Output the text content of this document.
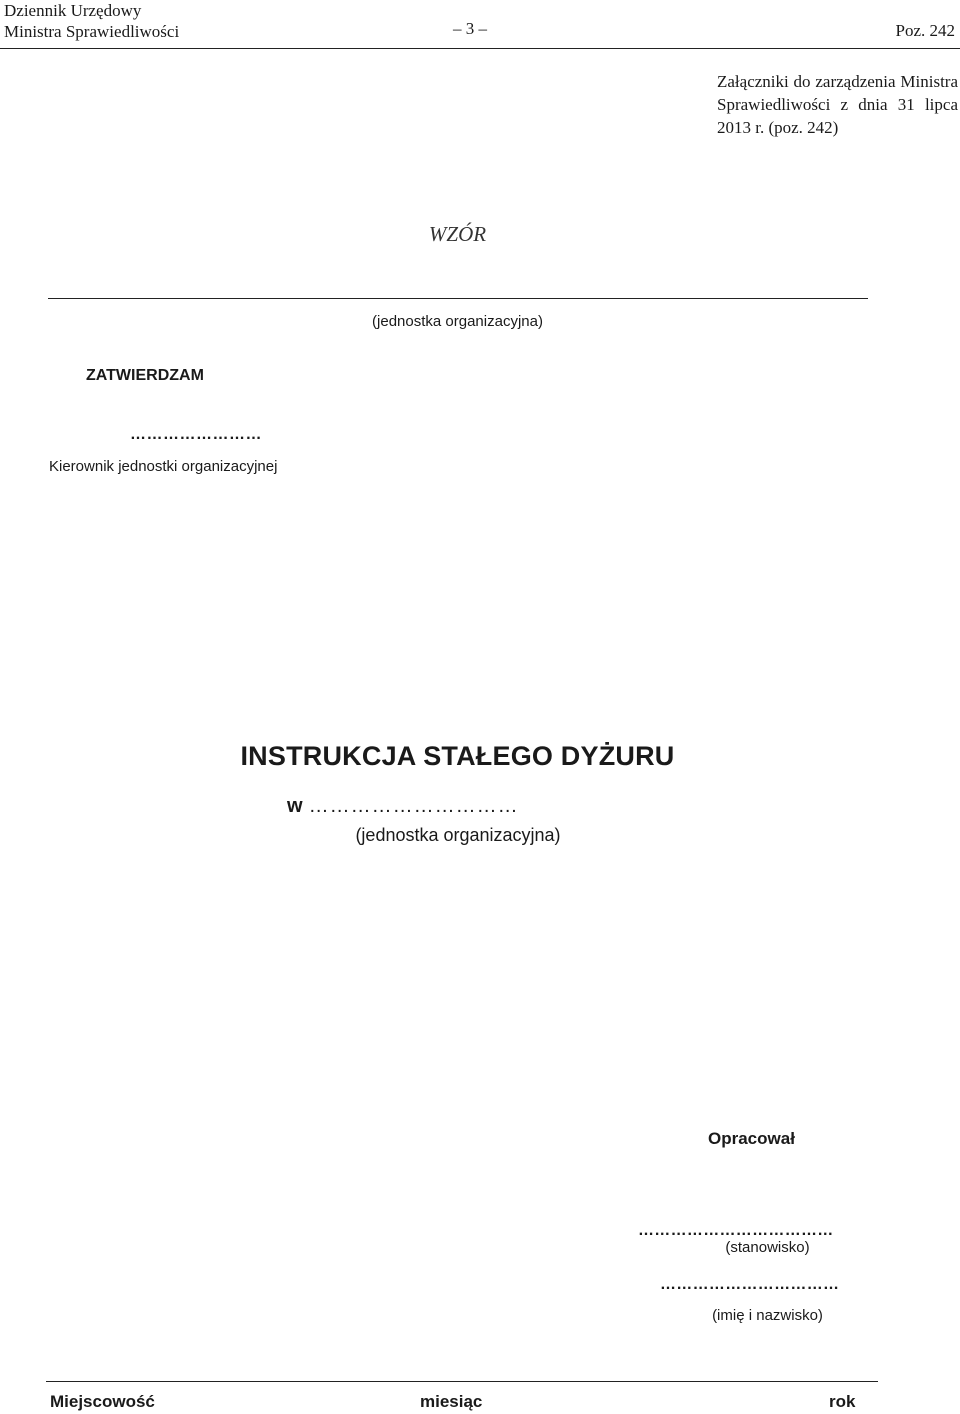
Dziennik Urzędowy
Ministra Sprawiedliwości	– 3 –	Poz. 242
Załączniki do zarządzenia Ministra Sprawiedliwości z dnia 31 lipca 2013 r. (poz. 242)
WZÓR
(jednostka organizacyjna)
ZATWIERDZAM
……………………
Kierownik jednostki organizacyjnej
INSTRUKCJA STAŁEGO DYŻURU
w …………………………
(jednostka organizacyjna)
Opracował
………………………………
(stanowisko)
……………………………
(imię i nazwisko)
Miejscowość	miesiąc	rok
